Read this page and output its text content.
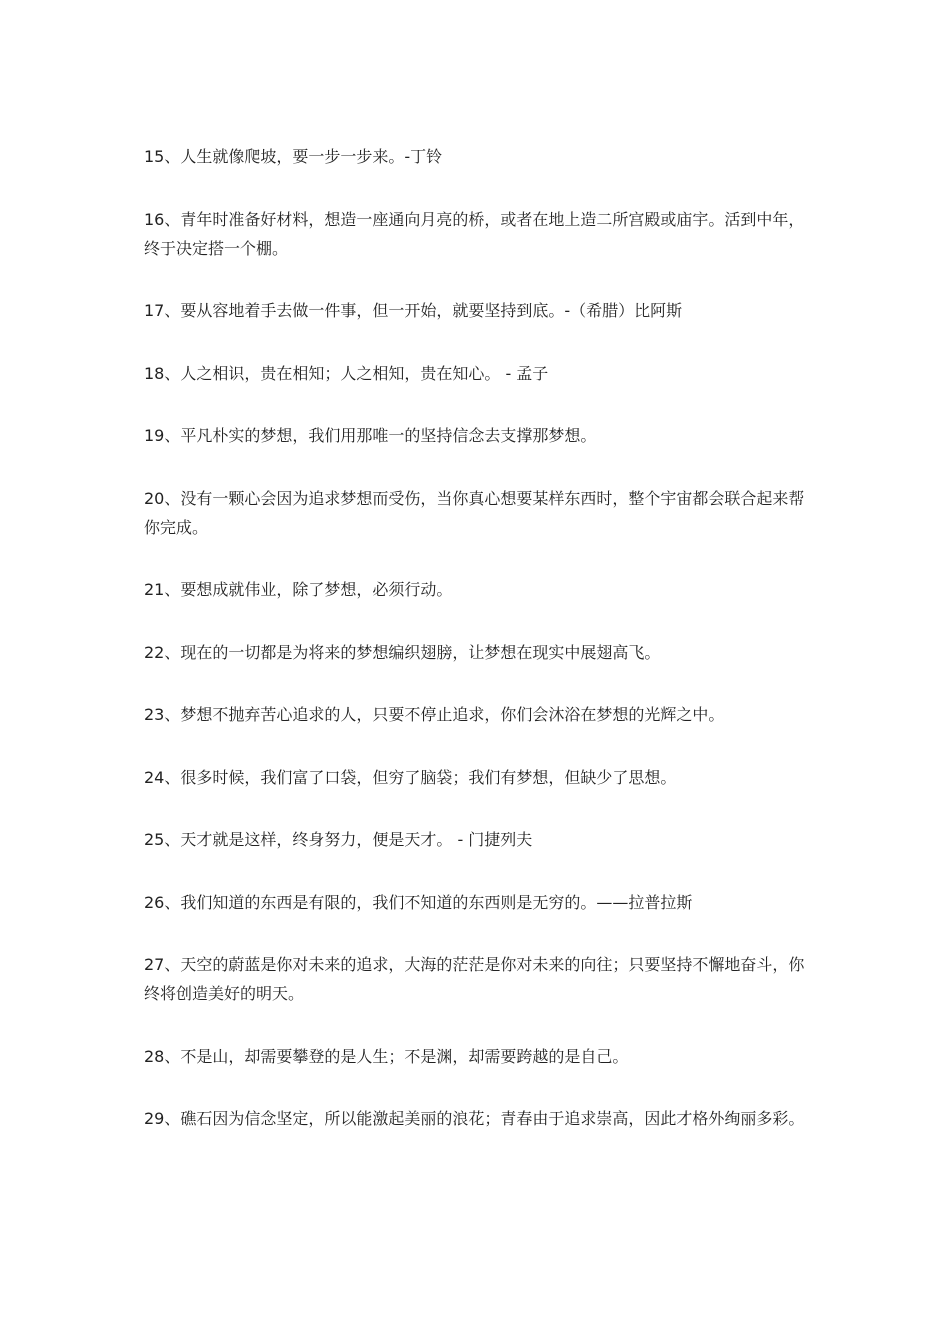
15、人生就像爬坡，要一步一步来。-丁铃
16、青年时准备好材料，想造一座通向月亮的桥，或者在地上造二所宫殿或庙宇。活到中年，终于决定搭一个棚。
17、要从容地着手去做一件事，但一开始，就要坚持到底。-（希腊）比阿斯
18、人之相识，贵在相知；人之相知，贵在知心。 - 孟子
19、平凡朴实的梦想，我们用那唯一的坚持信念去支撑那梦想。
20、没有一颗心会因为追求梦想而受伤，当你真心想要某样东西时，整个宇宙都会联合起来帮你完成。
21、要想成就伟业，除了梦想，必须行动。
22、现在的一切都是为将来的梦想编织翅膀，让梦想在现实中展翅高飞。
23、梦想不抛弃苦心追求的人，只要不停止追求，你们会沐浴在梦想的光辉之中。
24、很多时候，我们富了口袋，但穷了脑袋；我们有梦想，但缺少了思想。
25、天才就是这样，终身努力，便是天才。 - 门捷列夫
26、我们知道的东西是有限的，我们不知道的东西则是无穷的。——拉普拉斯
27、天空的蔚蓝是你对未来的追求，大海的茫茫是你对未来的向往；只要坚持不懈地奋斗，你终将创造美好的明天。
28、不是山，却需要攀登的是人生；不是渊，却需要跨越的是自己。
29、礁石因为信念坚定，所以能激起美丽的浪花；青春由于追求崇高，因此才格外绚丽多彩。
